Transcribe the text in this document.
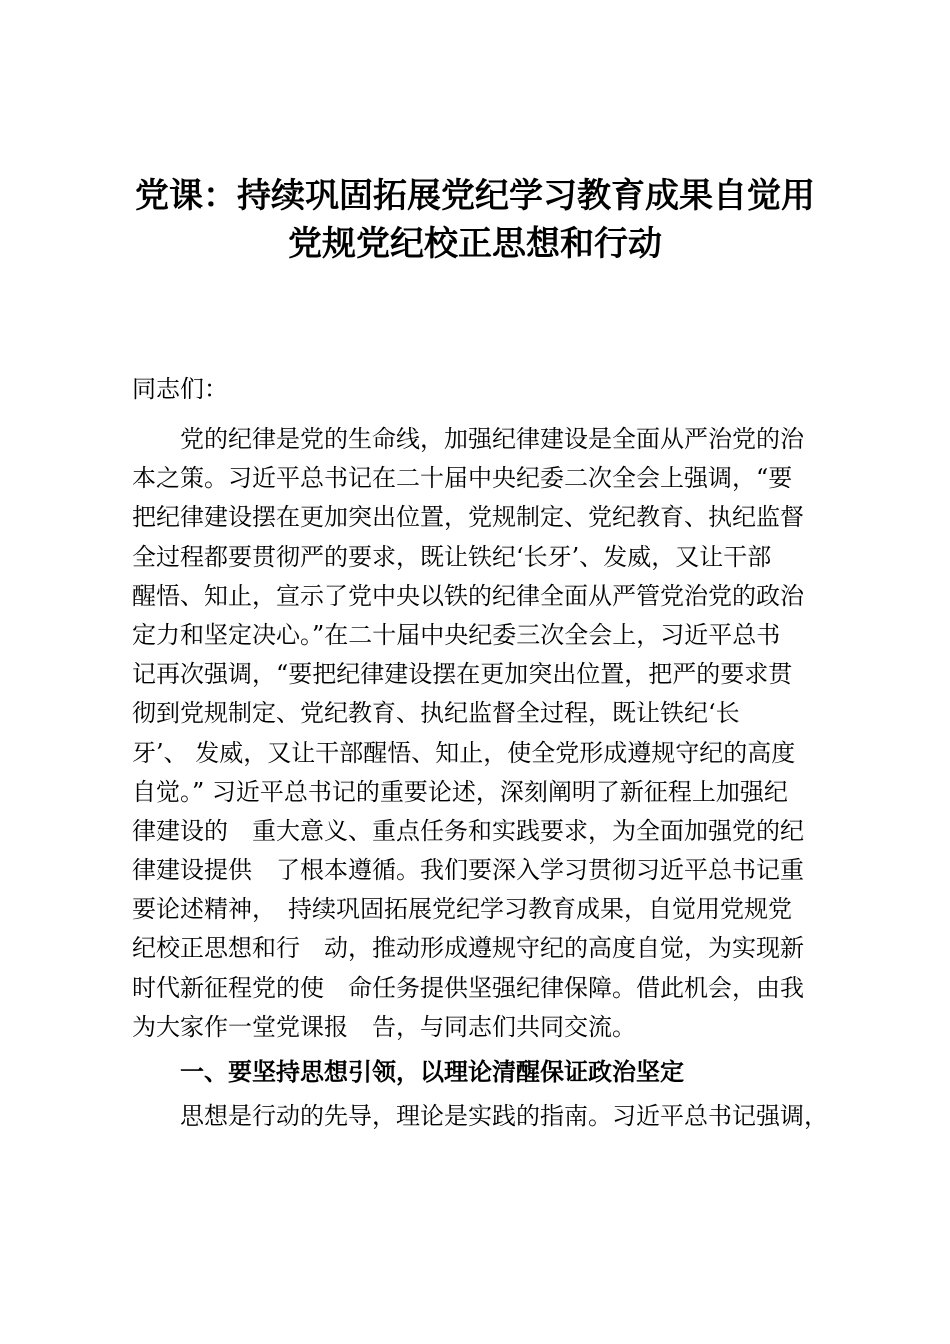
党课：持续巩固拓展党纪学习教育成果自觉用
党规党纪校正思想和行动

同志们：

党的纪律是党的生命线，加强纪律建设是全面从严治党的治
本之策。习近平总书记在二十届中央纪委二次全会上强调，“要
把纪律建设摆在更加突出位置，党规制定、党纪教育、执纪监督
全过程都要贯彻严的要求，既让铁纪‘长牙’、发威，又让干部
醒悟、知止，宣示了党中央以铁的纪律全面从严管党治党的政治
定力和坚定决心。”在二十届中央纪委三次全会上，习近平总书
记再次强调，“要把纪律建设摆在更加突出位置，把严的要求贯
彻到党规制定、党纪教育、执纪监督全过程，既让铁纪‘长
牙’、 发威，又让干部醒悟、知止，使全党形成遵规守纪的高度
自觉。” 习近平总书记的重要论述，深刻阐明了新征程上加强纪
律建设的　重大意义、重点任务和实践要求，为全面加强党的纪
律建设提供　了根本遵循。我们要深入学习贯彻习近平总书记重
要论述精神，　持续巩固拓展党纪学习教育成果，自觉用党规党
纪校正思想和行　动，推动形成遵规守纪的高度自觉，为实现新
时代新征程党的使　命任务提供坚强纪律保障。借此机会，由我
为大家作一堂党课报　告，与同志们共同交流。
一、要坚持思想引领，以理论清醒保证政治坚定

思想是行动的先导，理论是实践的指南。习近平总书记强调，
